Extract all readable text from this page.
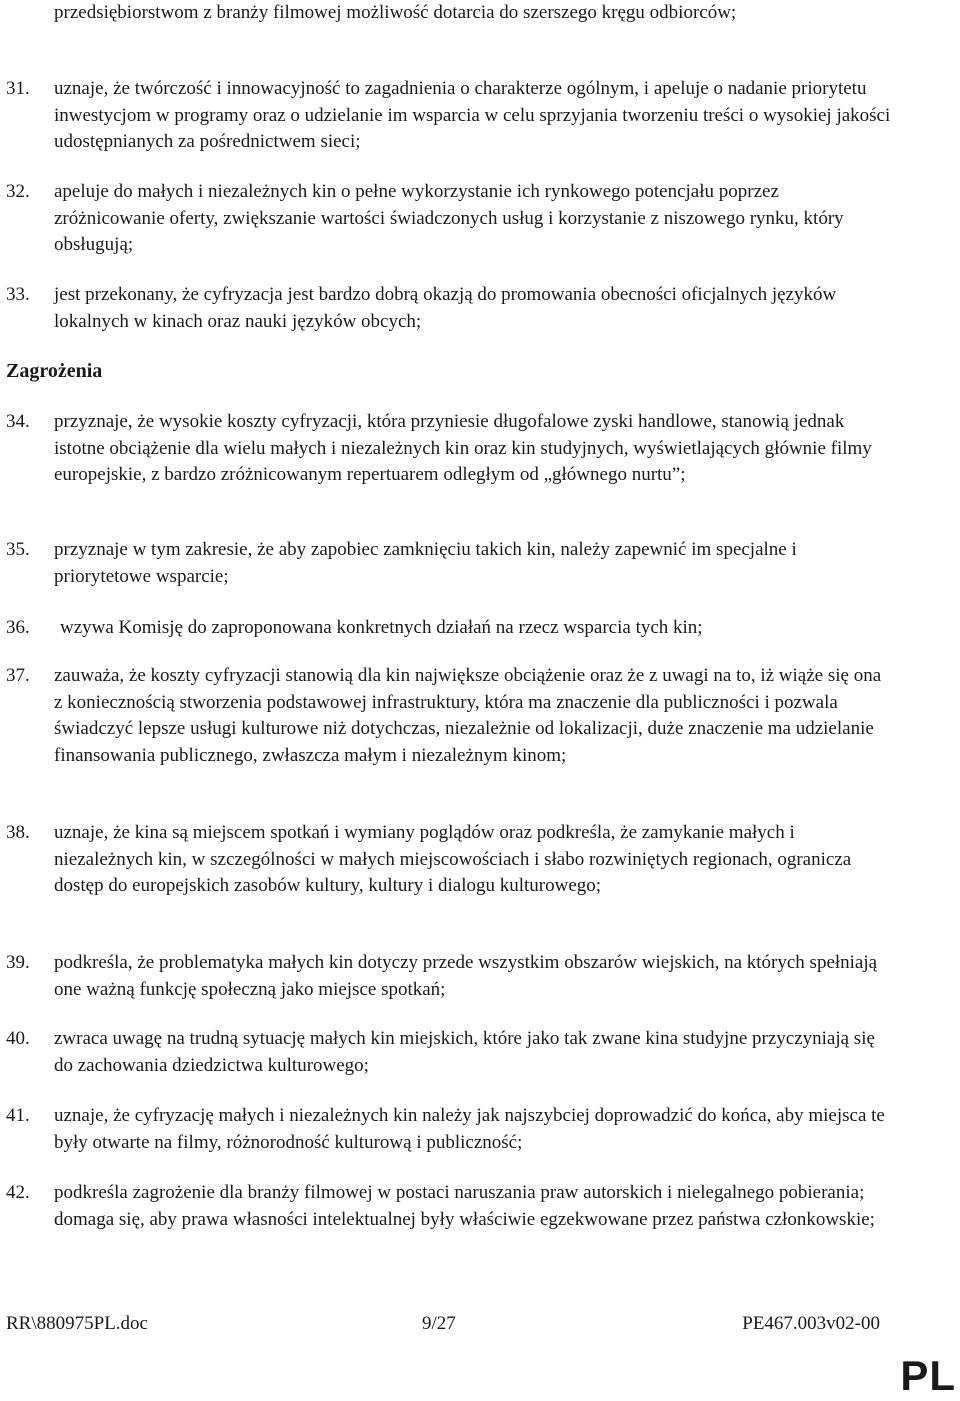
przedsiębiorstwom z branży filmowej możliwość dotarcia do szerszego kręgu odbiorców;

31.	uznaje, że twórczość i innowacyjność to zagadnienia o charakterze ogólnym, i apeluje o nadanie priorytetu inwestycjom w programy oraz o udzielanie im wsparcia w celu sprzyjania tworzeniu treści o wysokiej jakości udostępnianych za pośrednictwem sieci;
32.	apeluje do małych i niezależnych kin o pełne wykorzystanie ich rynkowego potencjału poprzez zróżnicowanie oferty, zwiększanie wartości świadczonych usług i korzystanie z niszowego rynku, który obsługują;
33.	jest przekonany, że cyfryzacja jest bardzo dobrą okazją do promowania obecności oficjalnych języków lokalnych w kinach oraz nauki języków obcych;
Zagrożenia
34.	przyznaje, że wysokie koszty cyfryzacji, która przyniesie długofalowe zyski handlowe, stanowią jednak istotne obciążenie dla wielu małych i niezależnych kin oraz kin studyjnych, wyświetlających głównie filmy europejskie, z bardzo zróżnicowanym repertuarem odległym od „głównego nurtu”;
35.	przyznaje w tym zakresie, że aby zapobiec zamknięciu takich kin, należy zapewnić im specjalne i priorytetowe wsparcie;
36.	wzywa Komisję do zaproponowana konkretnych działań na rzecz wsparcia tych kin;
37.	zauważa, że koszty cyfryzacji stanowią dla kin największe obciążenie oraz że z uwagi na to, iż wiąże się ona z koniecznością stworzenia podstawowej infrastruktury, która ma znaczenie dla publiczności i pozwala świadczyć lepsze usługi kulturowe niż dotychczas, niezależnie od lokalizacji, duże znaczenie ma udzielanie finansowania publicznego, zwłaszcza małym i niezależnym kinom;
38.	uznaje, że kina są miejscem spotkań i wymiany poglądów oraz podkreśla, że zamykanie małych i niezależnych kin, w szczególności w małych miejscowościach i słabo rozwiniętych regionach, ogranicza dostęp do europejskich zasobów kultury, kultury i dialogu kulturowego;
39.	podkreśla, że problematyka małych kin dotyczy przede wszystkim obszarów wiejskich, na których spełniają one ważną funkcję społeczną jako miejsce spotkań;
40.	zwraca uwagę na trudną sytuację małych kin miejskich, które jako tak zwane kina studyjne przyczyniają się do zachowania dziedzictwa kulturowego;
41.	uznaje, że cyfryzację małych i niezależnych kin należy jak najszybciej doprowadzić do końca, aby miejsca te były otwarte na filmy, różnorodność kulturową i publiczność;
42.	podkreśla zagrożenie dla branży filmowej w postaci naruszania praw autorskich i nielegalnego pobierania; domaga się, aby prawa własności intelektualnej były właściwie egzekwowane przez państwa członkowskie;
RR\880975PL.doc	9/27	PE467.003v02-00
PL
